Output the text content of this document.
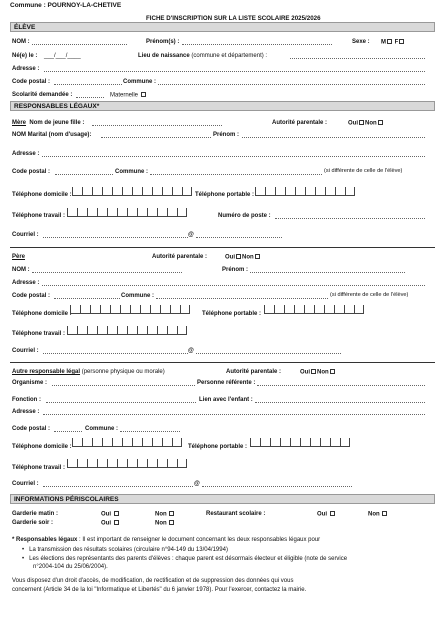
Commune : POURNOY-LA-CHETIVE
FICHE D'INSCRIPTION SUR LA LISTE SCOLAIRE 2025/2026
ÉLÈVE
NOM :	Prénom(s) :	Sexe : M F
Né(e) le : ___/___/____	Lieu de naissance (commune et département) :
Adresse :
Code postal :	Commune :
Scolarité demandée :	Maternelle
RESPONSABLES LÉGAUX*
Mère Nom de jeune fille :	Autorité parentale :	Oui Non
NOM Marital (nom d'usage):	Prénom :
Adresse :
Code postal :	Commune :	(si différente de celle de l'élève)
Téléphone domicile :	Téléphone portable :
Téléphone travail :	Numéro de poste :
Courriel :	@
Père	Autorité parentale :	Oui Non
NOM :	Prénom :
Adresse :
Code postal :	Commune :	(si différente de celle de l'élève)
Téléphone domicile :	Téléphone portable :
Téléphone travail :
Courriel :	@
Autre responsable légal (personne physique ou morale)	Autorité parentale :	Oui Non
Organisme :	Personne référente :
Fonction :	Lien avec l'enfant :
Adresse :
Code postal :	Commune :
Téléphone domicile :	Téléphone portable :
Téléphone travail :
Courriel :	@
INFORMATIONS PÉRISCOLAIRES
Garderie matin :	Oui	Non	Restaurant scolaire :	Oui	Non
Garderie soir :	Oui	Non
* Responsables légaux : Il est important de renseigner le document concernant les deux responsables légaux pour
•   La transmission des résultats scolaires (circulaire n°94-149 du 13/04/1994)
•   Les élections des représentants des parents d'élèves : chaque parent est désormais électeur et éligible (note de service
n°2004-104 du 25/06/2004).
Vous disposez d'un droit d'accès, de modification, de rectification et de suppression des données qui vous
concernent (Article 34 de la loi "Informatique et Libertés" du 6 janvier 1978). Pour l'exercer, contactez la mairie.
